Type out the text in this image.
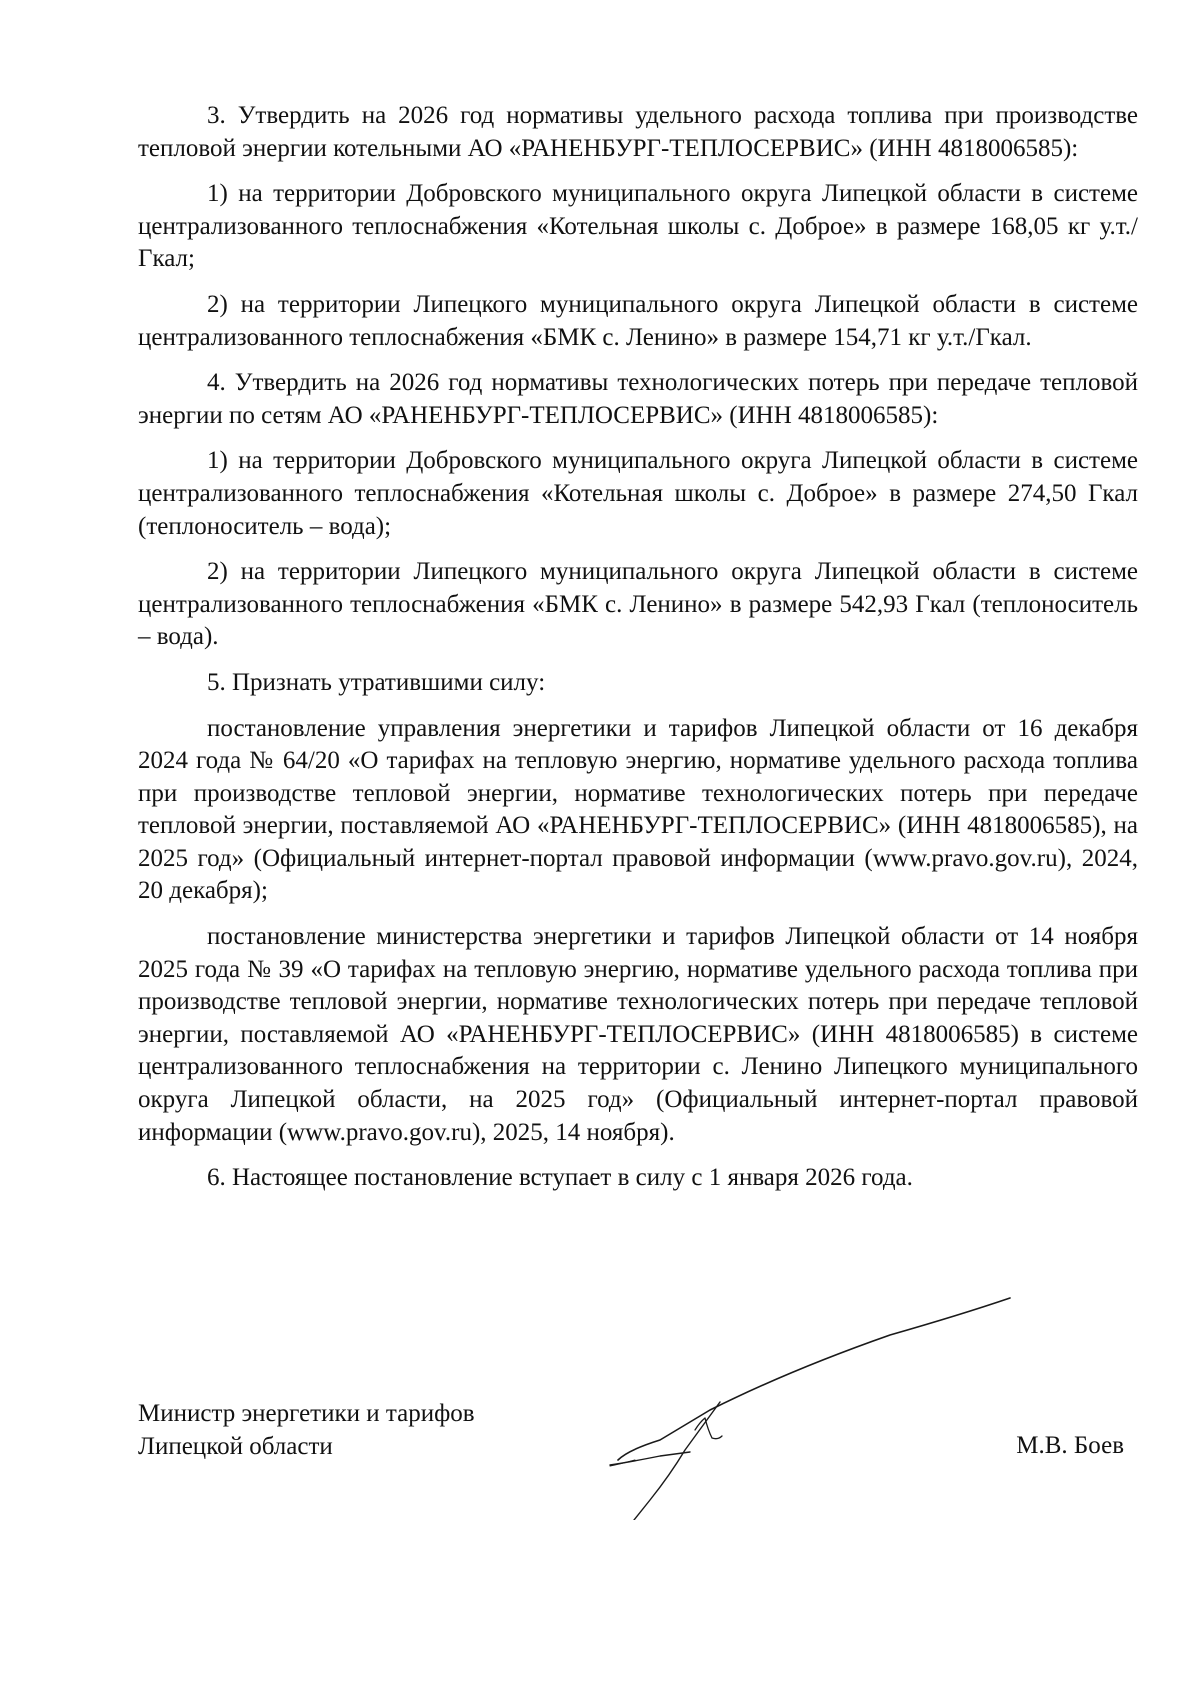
3. Утвердить на 2026 год нормативы удельного расхода топлива при производстве тепловой энергии котельными АО «РАНЕНБУРГ-ТЕПЛОСЕРВИС» (ИНН 4818006585):

1) на территории Добровского муниципального округа Липецкой области в системе централизованного теплоснабжения «Котельная школы с. Доброе» в размере 168,05 кг у.т./Гкал;

2) на территории Липецкого муниципального округа Липецкой области в системе централизованного теплоснабжения «БМК с. Ленино» в размере 154,71 кг у.т./Гкал.

4. Утвердить на 2026 год нормативы технологических потерь при передаче тепловой энергии по сетям АО «РАНЕНБУРГ-ТЕПЛОСЕРВИС» (ИНН 4818006585):

1) на территории Добровского муниципального округа Липецкой области в системе централизованного теплоснабжения «Котельная школы с. Доброе» в размере 274,50 Гкал (теплоноситель – вода);

2) на территории Липецкого муниципального округа Липецкой области в системе централизованного теплоснабжения «БМК с. Ленино» в размере 542,93 Гкал (теплоноситель – вода).

5. Признать утратившими силу:

постановление управления энергетики и тарифов Липецкой области от 16 декабря 2024 года № 64/20 «О тарифах на тепловую энергию, нормативе удельного расхода топлива при производстве тепловой энергии, нормативе технологических потерь при передаче тепловой энергии, поставляемой АО «РАНЕНБУРГ-ТЕПЛОСЕРВИС» (ИНН 4818006585), на 2025 год» (Официальный интернет-портал правовой информации (www.pravo.gov.ru), 2024, 20 декабря);

постановление министерства энергетики и тарифов Липецкой области от 14 ноября 2025 года № 39 «О тарифах на тепловую энергию, нормативе удельного расхода топлива при производстве тепловой энергии, нормативе технологических потерь при передаче тепловой энергии, поставляемой АО «РАНЕНБУРГ-ТЕПЛОСЕРВИС» (ИНН 4818006585) в системе централизованного теплоснабжения на территории с. Ленино Липецкого муниципального округа Липецкой области, на 2025 год» (Официальный интернет-портал правовой информации (www.pravo.gov.ru), 2025, 14 ноября).

6. Настоящее постановление вступает в силу с 1 января 2026 года.

Министр энергетики и тарифов
Липецкой области	М.В. Боев
